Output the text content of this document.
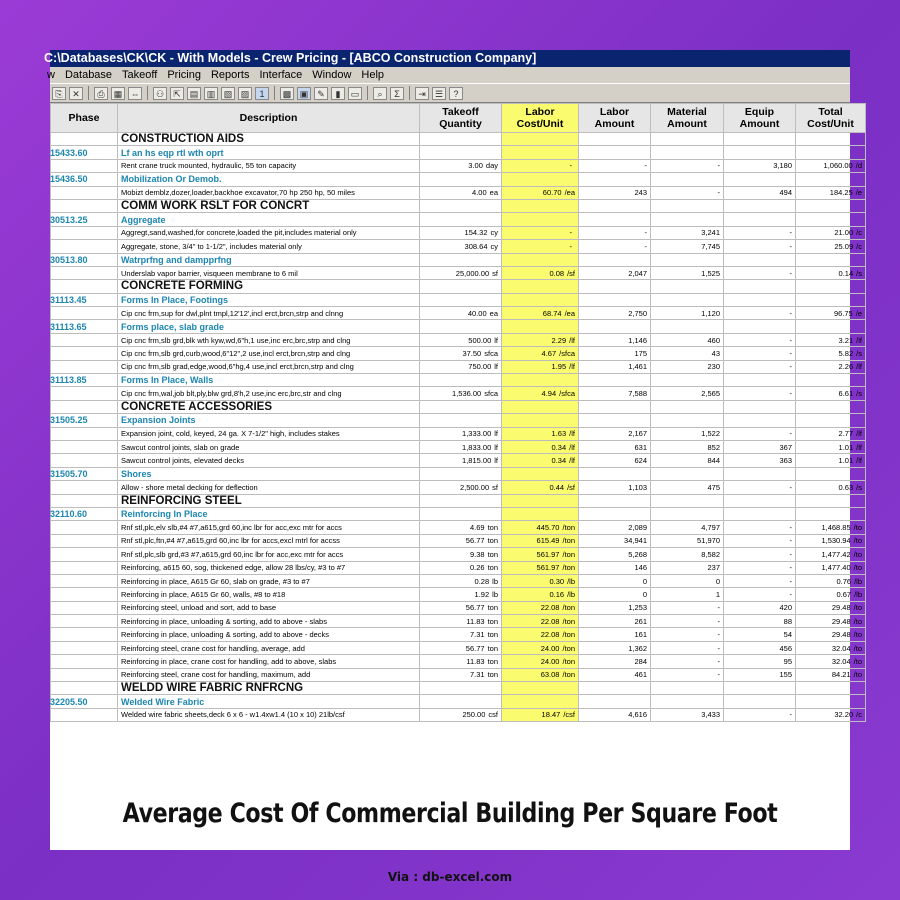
C:\Databases\CK\CK - With Models - Crew Pricing - [ABCO Construction Company]
w Database Takeoff Pricing Reports Interface Window Help
⎘	✕	⎙	▦ ⇔	⚇	⇱ ▤ ▥ ▧ ▨	1	▩ ▣ ✎	▮	▭	⌕	Σ	⇥	☰	?
Phase	Description	Takeoff Quantity	Labor Cost/Unit	Labor Amount	Material Amount	Equip Amount	Total Cost/Unit
	CONSTRUCTION AIDS						
15433.60	Lf an hs eqp rtl wth oprt						
	Rent crane truck mounted, hydraulic, 55 ton capacity	3.00 day	-	-	-	3,180	1,060.00 /d
15436.50	Mobilization Or Demob.						
	Mobizt demblz,dozer,loader,backhoe excavator,70 hp 250 hp, 50 miles	4.00 ea	60.70 /ea	243	-	494	184.25 /e
	COMM WORK RSLT FOR CONCRT						
30513.25	Aggregate						
	Aggregt,sand,washed,for concrete,loaded the pit,includes material only	154.32 cy	-	-	3,241	-	21.00 /c
	Aggregate, stone, 3/4" to 1-1/2", includes material only	308.64 cy	-	-	7,745	-	25.09 /c
30513.80	Watrprfng and dampprfng						
	Underslab vapor barrier, visqueen membrane to 6 mil	25,000.00 sf	0.08 /sf	2,047	1,525	-	0.14 /s
	CONCRETE FORMING						
31113.45	Forms In Place, Footings						
	Cip cnc frm,sup for dwl,plnt tmpl,12'12',incl erct,brcn,strp and clnng	40.00 ea	68.74 /ea	2,750	1,120	-	96.75 /e
31113.65	Forms place, slab grade						
	Cip cnc frm,slb grd,blk wth kyw,wd,6"h,1 use,inc erc,brc,strp and clng	500.00 lf	2.29 /lf	1,146	460	-	3.21 /lf
	Cip cnc frm,slb grd,curb,wood,6"12",2 use,incl erct,brcn,strp and clng	37.50 sfca	4.67 /sfca	175	43	-	5.82 /s
	Cip cnc frm,slb grad,edge,wood,6"hg,4 use,incl erct,brcn,strp and clng	750.00 lf	1.95 /lf	1,461	230	-	2.26 /lf
31113.85	Forms In Place, Walls						
	Cip cnc frm,wal,job blt,ply,blw grd,8'h,2 use,inc erc,brc,str and clng	1,536.00 sfca	4.94 /sfca	7,588	2,565	-	6.61 /s
	CONCRETE ACCESSORIES						
31505.25	Expansion Joints						
	Expansion joint, cold, keyed, 24 ga. X 7-1/2" high, includes stakes	1,333.00 lf	1.63 /lf	2,167	1,522	-	2.77 /lf
	Sawcut control joints, slab on grade	1,833.00 lf	0.34 /lf	631	852	367	1.01 /lf
	Sawcut control joints, elevated decks	1,815.00 lf	0.34 /lf	624	844	363	1.01 /lf
31505.70	Shores						
	Allow - shore metal decking for deflection	2,500.00 sf	0.44 /sf	1,103	475	-	0.63 /s
	REINFORCING STEEL						
32110.60	Reinforcing In Place						
	Rnf stl,plc,elv slb,#4 #7,a615,grd 60,inc lbr for acc,exc mtr for accs	4.69 ton	445.70 /ton	2,089	4,797	-	1,468.85 /to
	Rnf stl,plc,ftn,#4 #7,a615,grd 60,inc lbr for accs,excl mtrl for accss	56.77 ton	615.49 /ton	34,941	51,970	-	1,530.94 /to
	Rnf stl,plc,slb grd,#3 #7,a615,grd 60,inc lbr for acc,exc mtr for accs	9.38 ton	561.97 /ton	5,268	8,582	-	1,477.42 /to
	Reinforcing, a615 60, sog, thickened edge, allow 28 lbs/cy, #3 to #7	0.26 ton	561.97 /ton	146	237	-	1,477.40 /to
	Reinforcing in place, A615 Gr 60, slab on grade, #3 to #7	0.28 lb	0.30 /lb	0	0	-	0.76 /lb
	Reinforcing in place, A615 Gr 60, walls, #8 to #18	1.92 lb	0.16 /lb	0	1	-	0.67 /lb
	Reinforcing steel, unload and sort, add to base	56.77 ton	22.08 /ton	1,253	-	420	29.48 /to
	Reinforcing in place, unloading & sorting, add to above - slabs	11.83 ton	22.08 /ton	261	-	88	29.48 /to
	Reinforcing in place, unloading & sorting, add to above - decks	7.31 ton	22.08 /ton	161	-	54	29.48 /to
	Reinforcing steel, crane cost for handling, average, add	56.77 ton	24.00 /ton	1,362	-	456	32.04 /to
	Reinforcing in place, crane cost for handling, add to above, slabs	11.83 ton	24.00 /ton	284	-	95	32.04 /to
	Reinforcing steel, crane cost for handling, maximum, add	7.31 ton	63.08 /ton	461	-	155	84.21 /to
	WELDD WIRE FABRIC RNFRCNG						
32205.50	Welded Wire Fabric						
	Welded wire fabric sheets,deck 6 x 6 - w1.4xw1.4 (10 x 10) 21lb/csf	250.00 csf	18.47 /csf	4,616	3,433	-	32.20 /c
Average Cost Of Commercial Building Per Square Foot
Via : db-excel.com
